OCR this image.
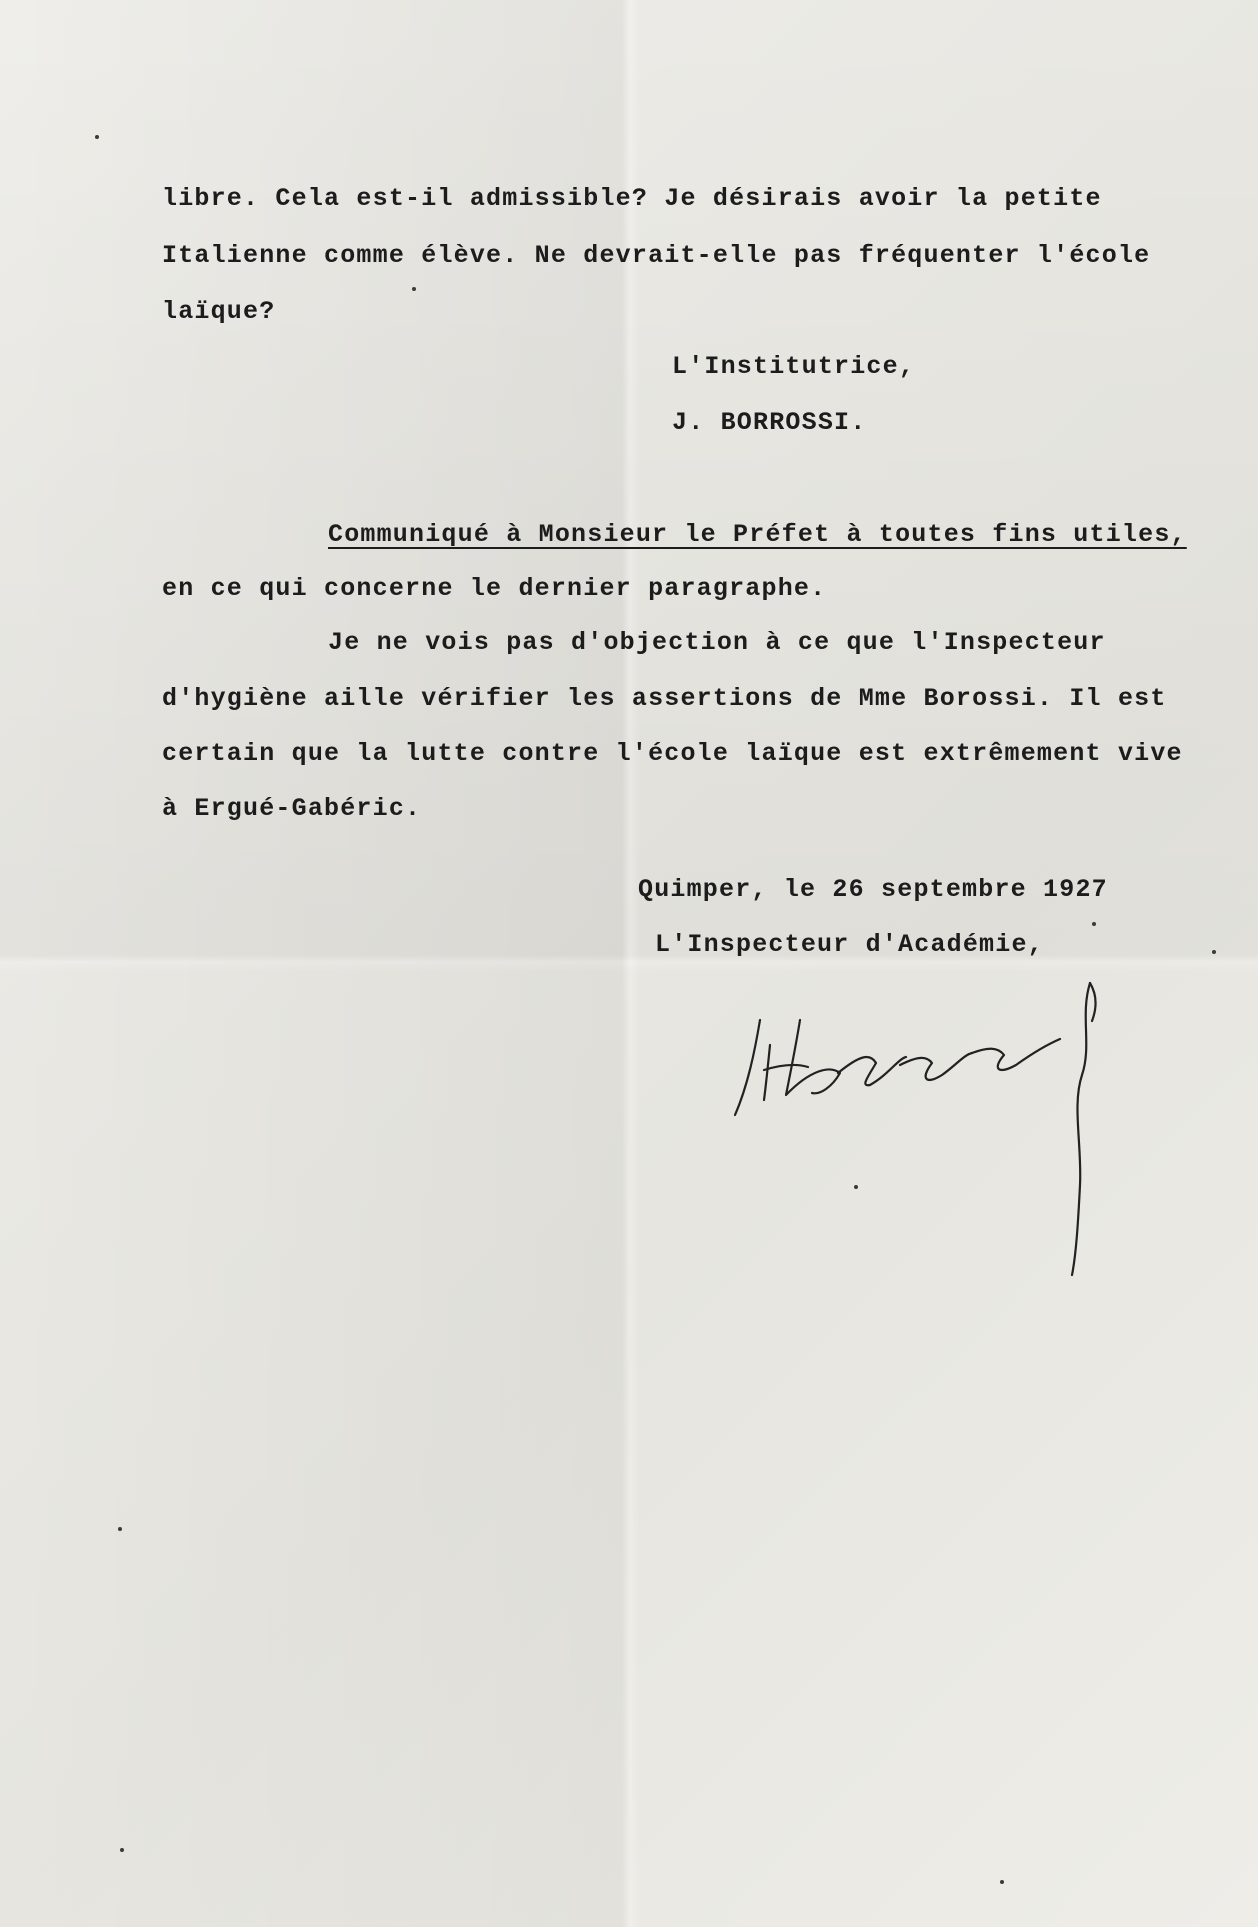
libre. Cela est-il admissible? Je désirais avoir la petite
Italienne comme élève. Ne devrait-elle pas fréquenter l'école
laïque?
L'Institutrice,
J. BORROSSI.
Communiqué à Monsieur le Préfet à toutes fins utiles,
en ce qui concerne le dernier paragraphe.
Je ne vois pas d'objection à ce que l'Inspecteur
d'hygiène aille vérifier les assertions de Mme Borossi. Il est
certain que la lutte contre l'école laïque est extrêmement vive
à Ergué-Gabéric.
Quimper, le 26 septembre 1927
L'Inspecteur d'Académie,
